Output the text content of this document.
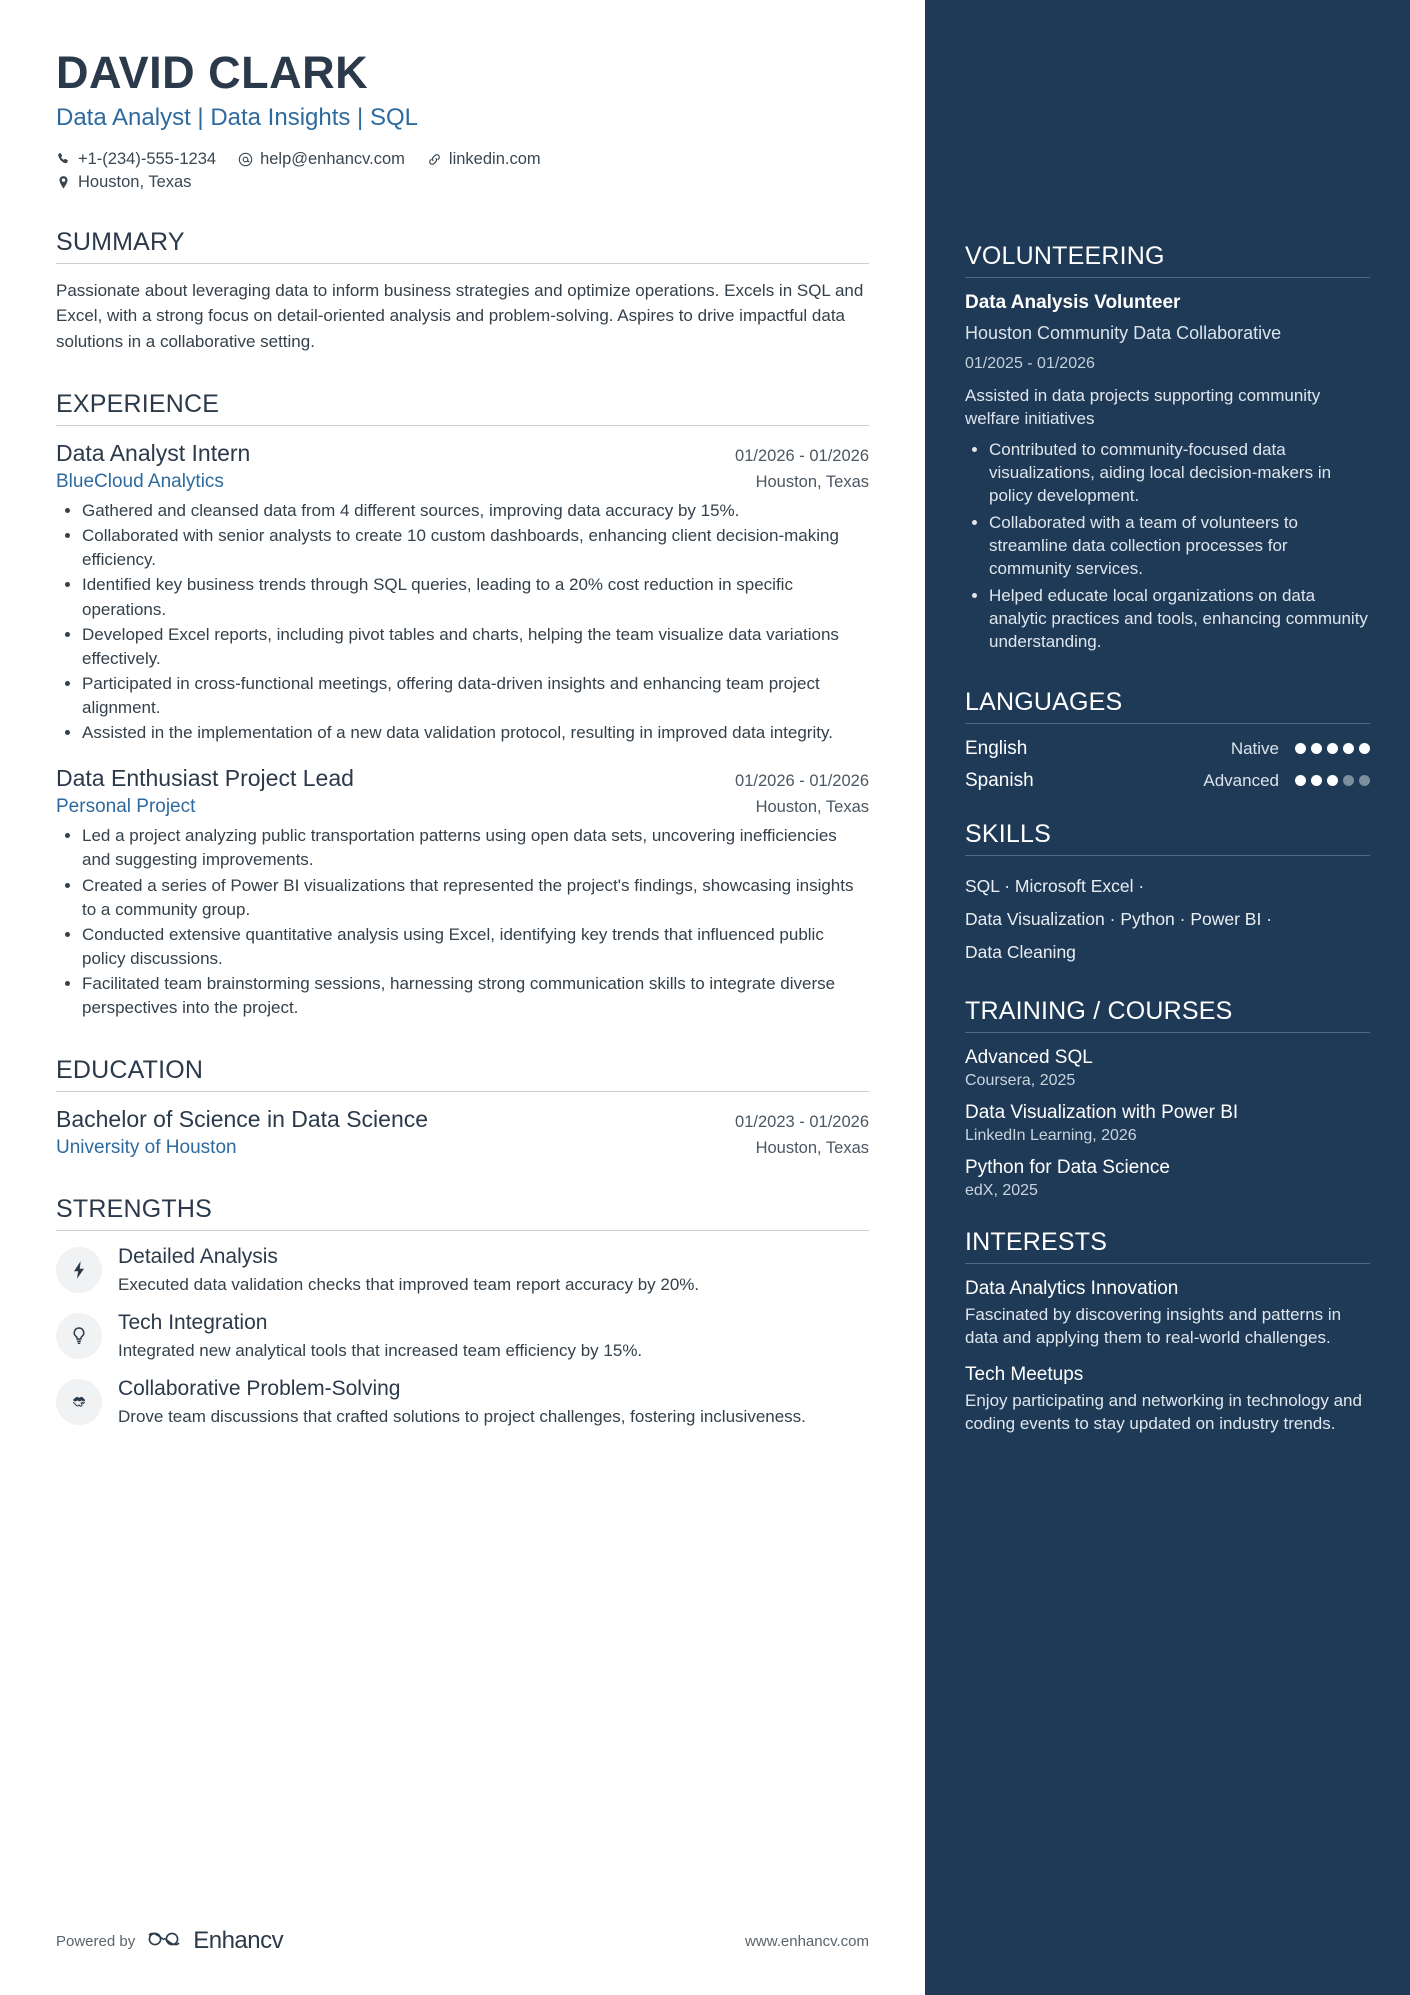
DAVID CLARK
Data Analyst | Data Insights | SQL
+1-(234)-555-1234	help@enhancv.com	linkedin.com
Houston, Texas
SUMMARY

Passionate about leveraging data to inform business strategies and optimize operations. Excels in SQL and Excel, with a strong focus on detail-oriented analysis and problem-solving. Aspires to drive impactful data solutions in a collaborative setting.

EXPERIENCE
Data Analyst Intern	01/2026 - 01/2026
BlueCloud Analytics	Houston, Texas
• Gathered and cleansed data from 4 different sources, improving data accuracy by 15%.
• Collaborated with senior analysts to create 10 custom dashboards, enhancing client decision-making efficiency.
• Identified key business trends through SQL queries, leading to a 20% cost reduction in specific operations.
• Developed Excel reports, including pivot tables and charts, helping the team visualize data variations effectively.
• Participated in cross-functional meetings, offering data-driven insights and enhancing team project alignment.
• Assisted in the implementation of a new data validation protocol, resulting in improved data integrity.
Data Enthusiast Project Lead	01/2026 - 01/2026
Personal Project	Houston, Texas
• Led a project analyzing public transportation patterns using open data sets, uncovering inefficiencies and suggesting improvements.
• Created a series of Power BI visualizations that represented the project's findings, showcasing insights to a community group.
• Conducted extensive quantitative analysis using Excel, identifying key trends that influenced public policy discussions.
• Facilitated team brainstorming sessions, harnessing strong communication skills to integrate diverse perspectives into the project.
EDUCATION
Bachelor of Science in Data Science	01/2023 - 01/2026
University of Houston	Houston, Texas
STRENGTHS
Detailed Analysis
Executed data validation checks that improved team report accuracy by 20%.
Tech Integration
Integrated new analytical tools that increased team efficiency by 15%.
Collaborative Problem-Solving
Drove team discussions that crafted solutions to project challenges, fostering inclusiveness.
Powered by Enhancv	www.enhancv.com
VOLUNTEERING
Data Analysis Volunteer
Houston Community Data Collaborative
01/2025 - 01/2026
Assisted in data projects supporting community welfare initiatives
• Contributed to community-focused data visualizations, aiding local decision-makers in policy development.
• Collaborated with a team of volunteers to streamline data collection processes for community services.
• Helped educate local organizations on data analytic practices and tools, enhancing community understanding.
LANGUAGES
English	Native
Spanish	Advanced
SKILLS
SQL · Microsoft Excel ·
Data Visualization · Python · Power BI ·
Data Cleaning
TRAINING / COURSES
Advanced SQL
Coursera, 2025
Data Visualization with Power BI
LinkedIn Learning, 2026
Python for Data Science
edX, 2025
INTERESTS
Data Analytics Innovation
Fascinated by discovering insights and patterns in data and applying them to real-world challenges.
Tech Meetups
Enjoy participating and networking in technology and coding events to stay updated on industry trends.
